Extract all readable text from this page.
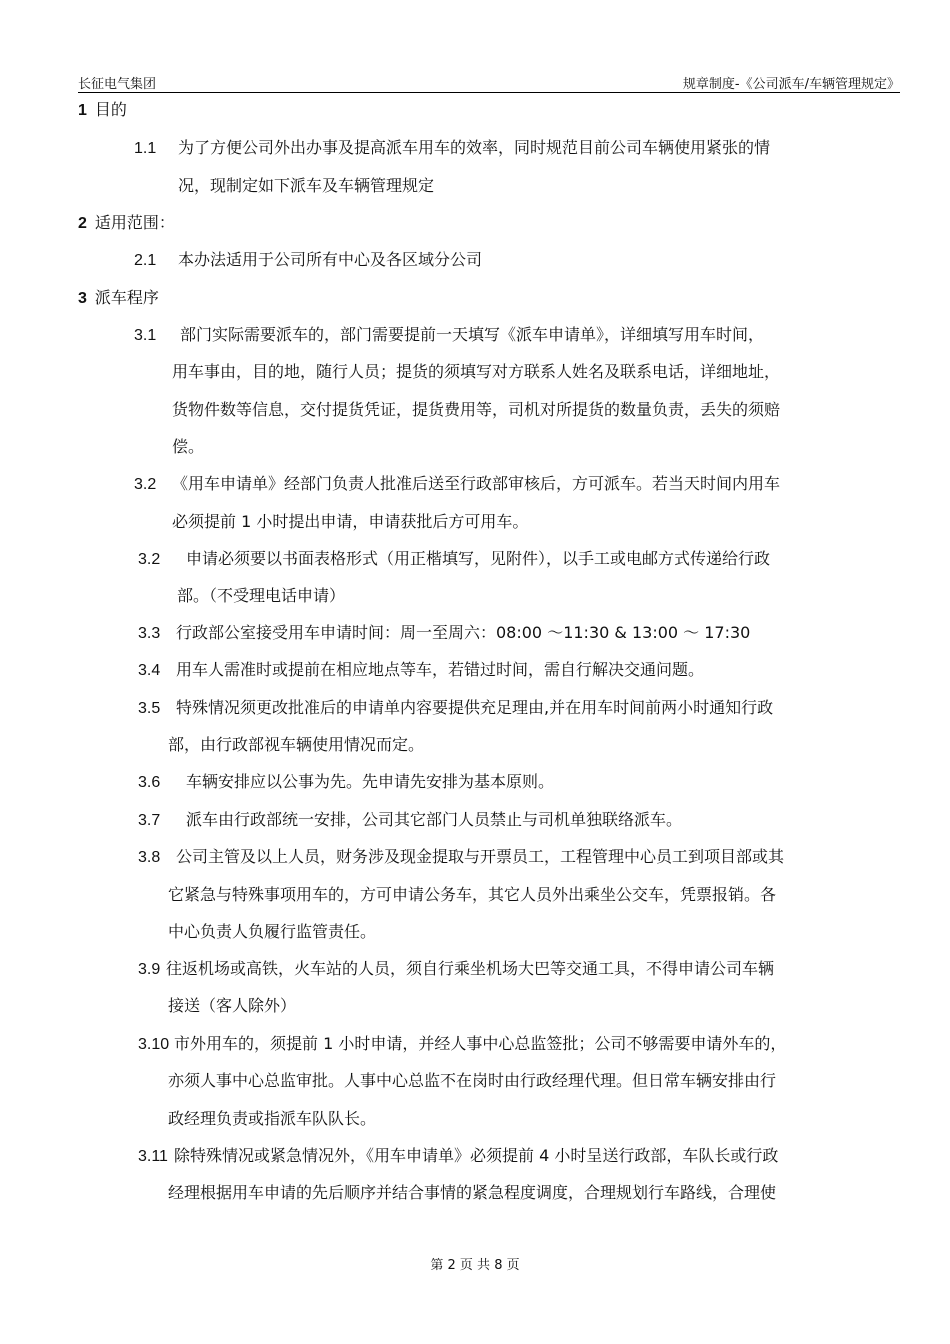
长征电气集团	规章制度-《公司派车/车辆管理规定》
1 目的
1.1 为了方便公司外出办事及提高派车用车的效率，同时规范目前公司车辆使用紧张的情
况，现制定如下派车及车辆管理规定
2 适用范围：
2.1 本办法适用于公司所有中心及各区域分公司
3 派车程序
3.1 部门实际需要派车的，部门需要提前一天填写《派车申请单》，详细填写用车时间，
用车事由，目的地，随行人员；提货的须填写对方联系人姓名及联系电话，详细地址，
货物件数等信息，交付提货凭证，提货费用等，司机对所提货的数量负责，丢失的须赔
偿。
3.2 《用车申请单》经部门负责人批准后送至行政部审核后，方可派车。若当天时间内用车
必须提前 1 小时提出申请，申请获批后方可用车。
3.2 申请必须要以书面表格形式（用正楷填写，见附件），以手工或电邮方式传递给行政
部。（不受理电话申请）
3.3 行政部公室接受用车申请时间：周一至周六：08:00 ～11:30 & 13:00 ～ 17:30
3.4 用车人需准时或提前在相应地点等车，若错过时间，需自行解决交通问题。
3.5 特殊情况须更改批准后的申请单内容要提供充足理由,并在用车时间前两小时通知行政
部，由行政部视车辆使用情况而定。
3.6 车辆安排应以公事为先。先申请先安排为基本原则。
3.7 派车由行政部统一安排，公司其它部门人员禁止与司机单独联络派车。
3.8 公司主管及以上人员，财务涉及现金提取与开票员工，工程管理中心员工到项目部或其
它紧急与特殊事项用车的，方可申请公务车，其它人员外出乘坐公交车，凭票报销。各
中心负责人负履行监管责任。
3.9 往返机场或高铁，火车站的人员，须自行乘坐机场大巴等交通工具，不得申请公司车辆
接送（客人除外）
3.10 市外用车的，须提前 1 小时申请，并经人事中心总监签批；公司不够需要申请外车的，
亦须人事中心总监审批。人事中心总监不在岗时由行政经理代理。但日常车辆安排由行
政经理负责或指派车队队长。
3.11 除特殊情况或紧急情况外，《用车申请单》必须提前 4 小时呈送行政部，车队长或行政
经理根据用车申请的先后顺序并结合事情的紧急程度调度，合理规划行车路线，合理使
第 2 页 共 8 页
